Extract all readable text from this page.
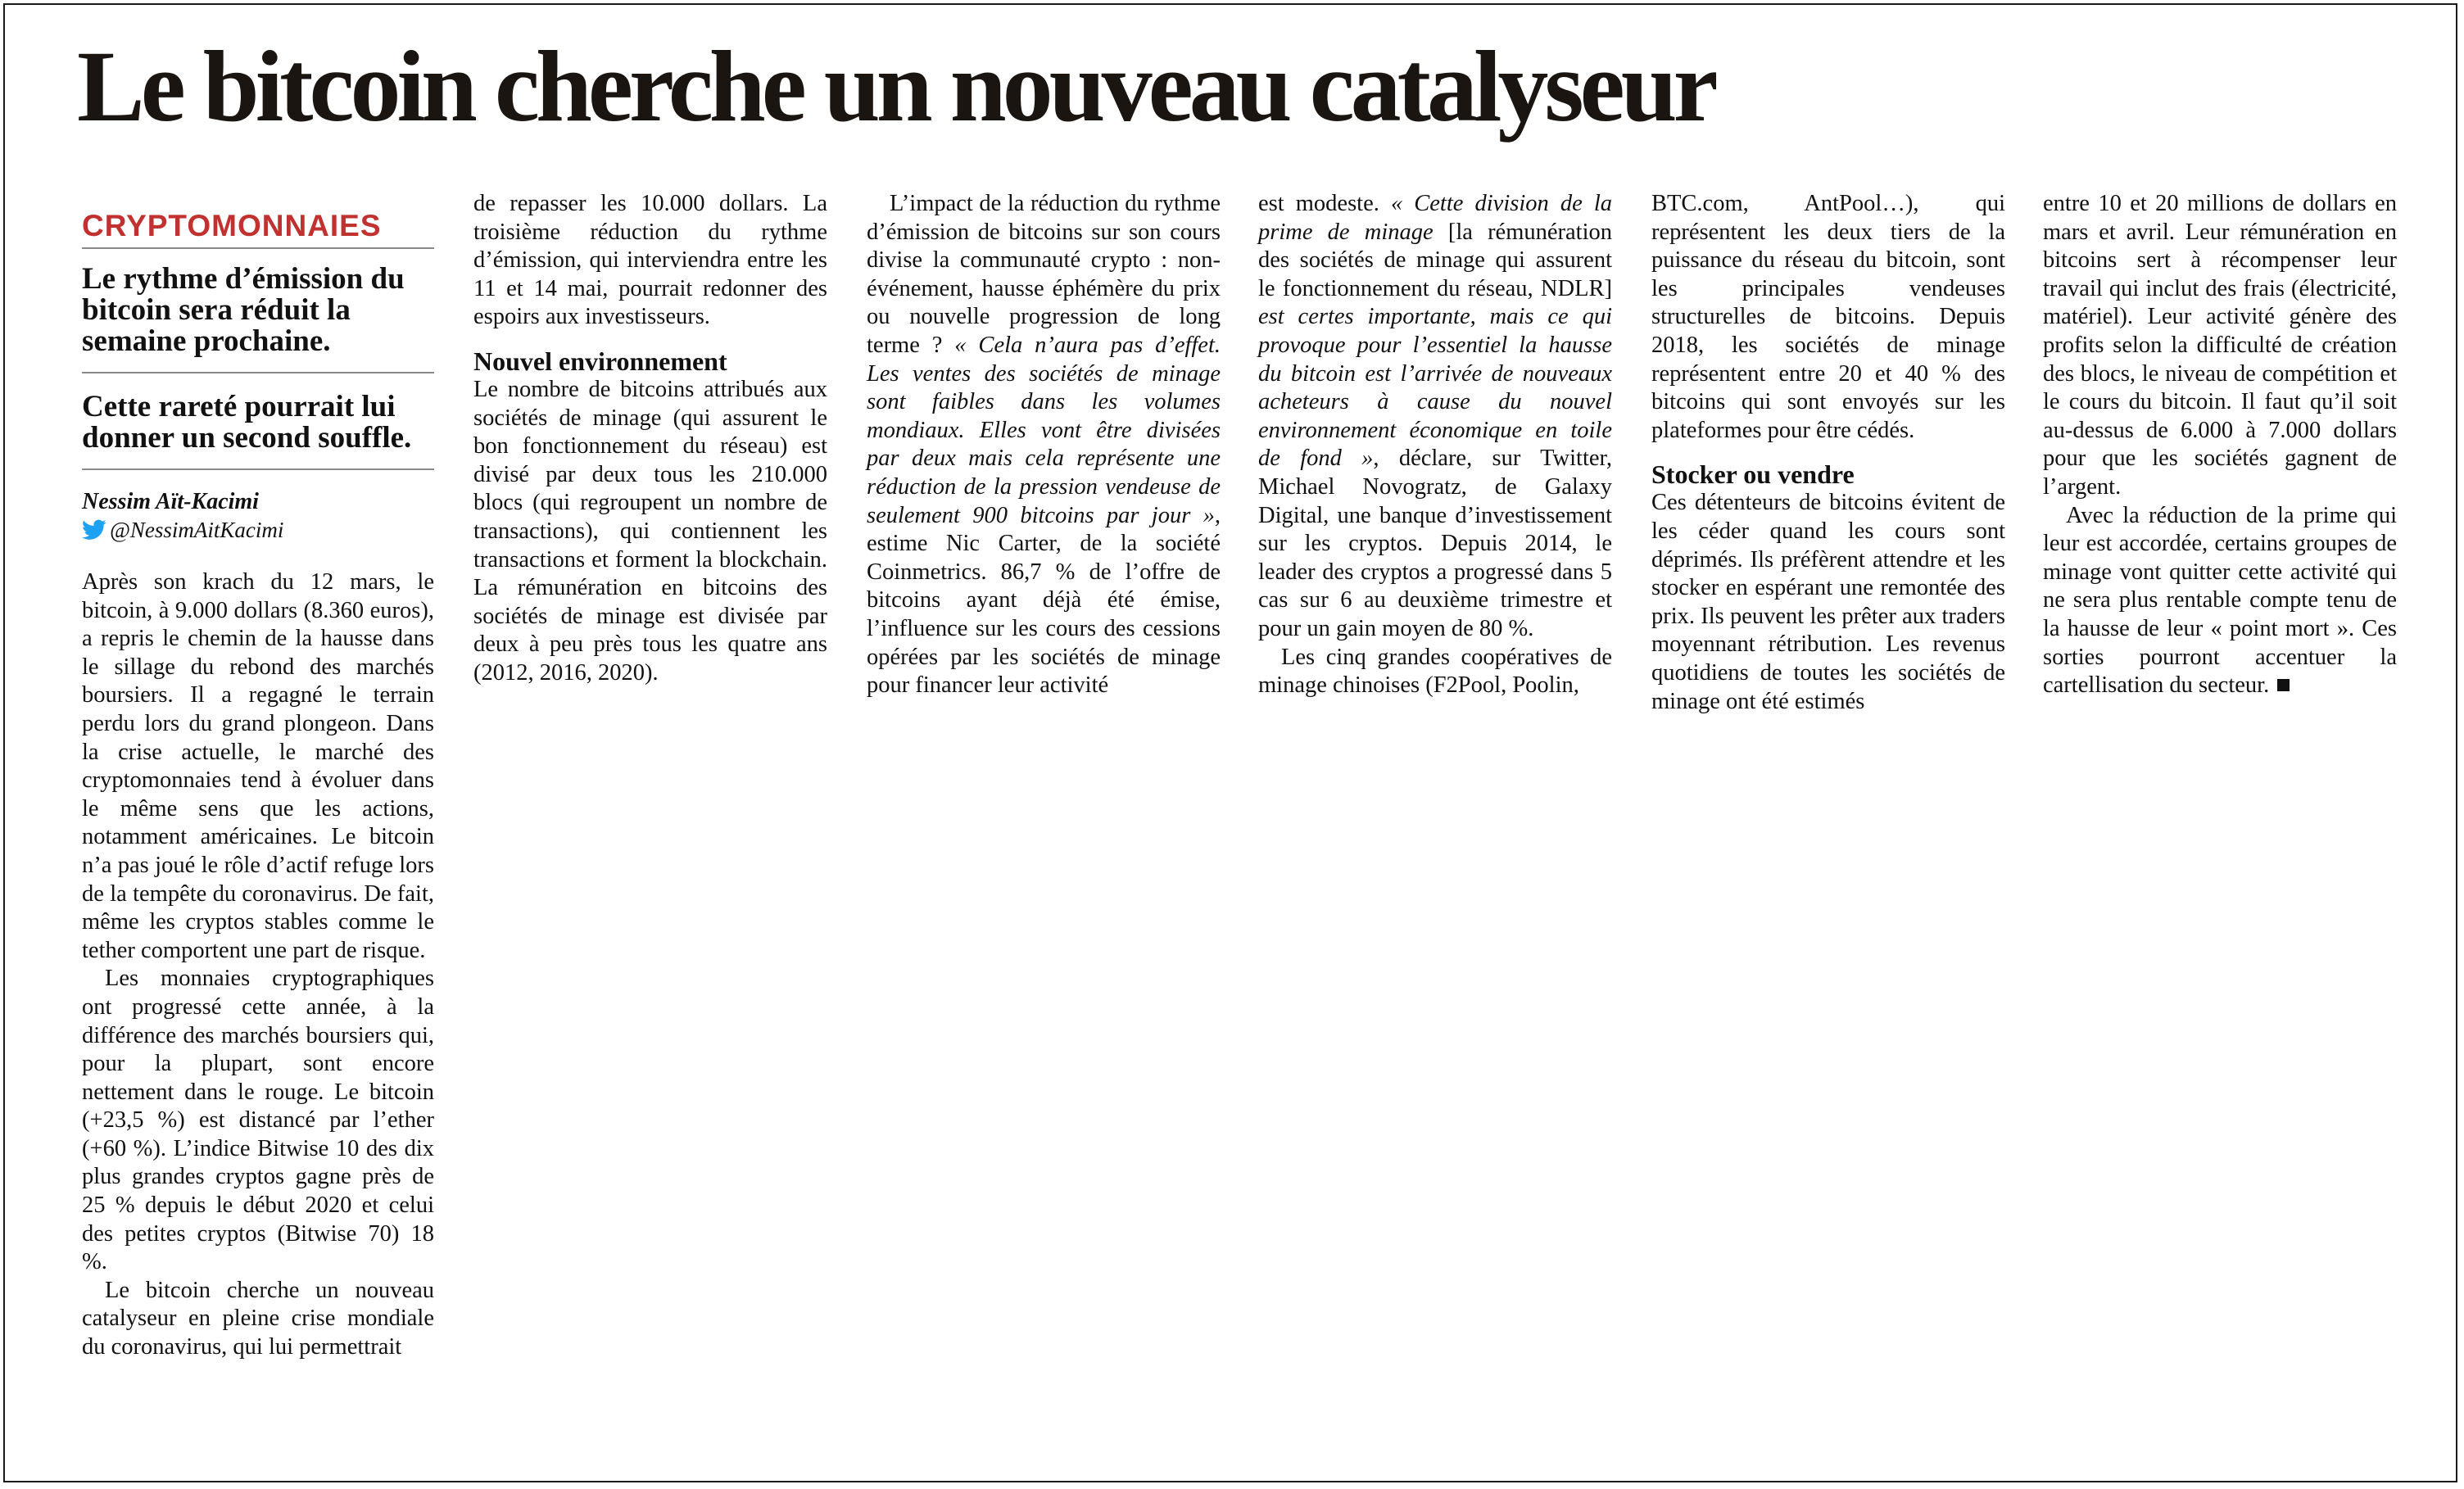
Le bitcoin cherche un nouveau catalyseur
CRYPTOMONNAIES
Le rythme d’émission du bitcoin sera réduit la semaine prochaine.
Cette rareté pourrait lui donner un second souffle.
Nessim Aït-Kacimi
@NessimAitKacimi

Après son krach du 12 mars, le bitcoin, à 9.000 dollars (8.360 euros), a repris le chemin de la hausse dans le sillage du rebond des marchés boursiers. Il a regagné le terrain perdu lors du grand plongeon. Dans la crise actuelle, le marché des cryptomonnaies tend à évoluer dans le même sens que les actions, notamment américaines. Le bitcoin n’a pas joué le rôle d’actif refuge lors de la tempête du coronavirus. De fait, même les cryptos stables comme le tether comportent une part de risque.

Les monnaies cryptographiques ont progressé cette année, à la différence des marchés boursiers qui, pour la plupart, sont encore nettement dans le rouge. Le bitcoin (+23,5 %) est distancé par l’ether (+60 %). L’indice Bitwise 10 des dix plus grandes cryptos gagne près de 25 % depuis le début 2020 et celui des petites cryptos (Bitwise 70) 18 %.

Le bitcoin cherche un nouveau catalyseur en pleine crise mondiale du coronavirus, qui lui permettrait

de repasser les 10.000 dollars. La troisième réduction du rythme d’émission, qui interviendra entre les 11 et 14 mai, pourrait redonner des espoirs aux investisseurs.

Nouvel environnement

Le nombre de bitcoins attribués aux sociétés de minage (qui assurent le bon fonctionnement du réseau) est divisé par deux tous les 210.000 blocs (qui regroupent un nombre de transactions), qui contiennent les transactions et forment la blockchain. La rémunération en bitcoins des sociétés de minage est divisée par deux à peu près tous les quatre ans (2012, 2016, 2020).

L’impact de la réduction du rythme d’émission de bitcoins sur son cours divise la communauté crypto : non-événement, hausse éphémère du prix ou nouvelle progression de long terme ? « Cela n’aura pas d’effet. Les ventes des sociétés de minage sont faibles dans les volumes mondiaux. Elles vont être divisées par deux mais cela représente une réduction de la pression vendeuse de seulement 900 bitcoins par jour », estime Nic Carter, de la société Coinmetrics. 86,7 % de l’offre de bitcoins ayant déjà été émise, l’influence sur les cours des cessions opérées par les sociétés de minage pour financer leur activité

est modeste. « Cette division de la prime de minage [la rémunération des sociétés de minage qui assurent le fonctionnement du réseau, NDLR] est certes importante, mais ce qui provoque pour l’essentiel la hausse du bitcoin est l’arrivée de nouveaux acheteurs à cause du nouvel environnement économique en toile de fond », déclare, sur Twitter, Michael Novogratz, de Galaxy Digital, une banque d’investissement sur les cryptos. Depuis 2014, le leader des cryptos a progressé dans 5 cas sur 6 au deuxième trimestre et pour un gain moyen de 80 %.

Les cinq grandes coopératives de minage chinoises (F2Pool, Poolin,

BTC.com, AntPool…), qui représentent les deux tiers de la puissance du réseau du bitcoin, sont les principales vendeuses structurelles de bitcoins. Depuis 2018, les sociétés de minage représentent entre 20 et 40 % des bitcoins qui sont envoyés sur les plateformes pour être cédés.

Stocker ou vendre

Ces détenteurs de bitcoins évitent de les céder quand les cours sont déprimés. Ils préfèrent attendre et les stocker en espérant une remontée des prix. Ils peuvent les prêter aux traders moyennant rétribution. Les revenus quotidiens de toutes les sociétés de minage ont été estimés

entre 10 et 20 millions de dollars en mars et avril. Leur rémunération en bitcoins sert à récompenser leur travail qui inclut des frais (électricité, matériel). Leur activité génère des profits selon la difficulté de création des blocs, le niveau de compétition et le cours du bitcoin. Il faut qu’il soit au-dessus de 6.000 à 7.000 dollars pour que les sociétés gagnent de l’argent.

Avec la réduction de la prime qui leur est accordée, certains groupes de minage vont quitter cette activité qui ne sera plus rentable compte tenu de la hausse de leur « point mort ». Ces sorties pourront accentuer la cartellisation du secteur.
